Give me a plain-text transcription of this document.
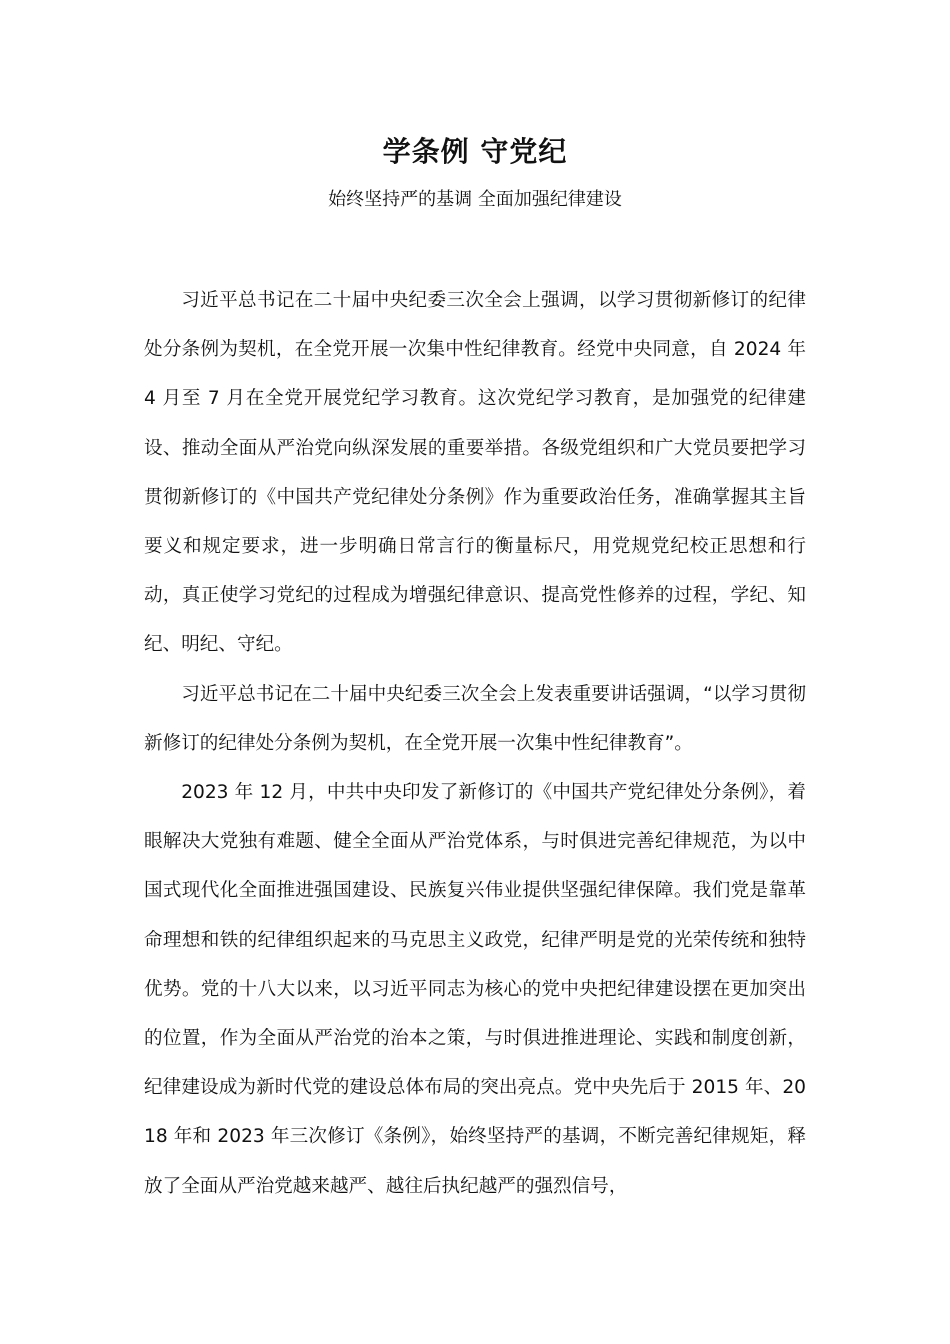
学条例 守党纪
始终坚持严的基调 全面加强纪律建设

习近平总书记在二十届中央纪委三次全会上强调，以学习贯彻新修订的纪律处分条例为契机，在全党开展一次集中性纪律教育。经党中央同意，自 2024 年 4 月至 7 月在全党开展党纪学习教育。这次党纪学习教育，是加强党的纪律建设、推动全面从严治党向纵深发展的重要举措。各级党组织和广大党员要把学习贯彻新修订的《中国共产党纪律处分条例》作为重要政治任务，准确掌握其主旨要义和规定要求，进一步明确日常言行的衡量标尺，用党规党纪校正思想和行动，真正使学习党纪的过程成为增强纪律意识、提高党性修养的过程，学纪、知纪、明纪、守纪。

习近平总书记在二十届中央纪委三次全会上发表重要讲话强调，“以学习贯彻新修订的纪律处分条例为契机，在全党开展一次集中性纪律教育”。

2023 年 12 月，中共中央印发了新修订的《中国共产党纪律处分条例》，着眼解决大党独有难题、健全全面从严治党体系，与时俱进完善纪律规范，为以中国式现代化全面推进强国建设、民族复兴伟业提供坚强纪律保障。我们党是靠革命理想和铁的纪律组织起来的马克思主义政党，纪律严明是党的光荣传统和独特优势。党的十八大以来，以习近平同志为核心的党中央把纪律建设摆在更加突出的位置，作为全面从严治党的治本之策，与时俱进推进理论、实践和制度创新，纪律建设成为新时代党的建设总体布局的突出亮点。党中央先后于 2015 年、2018 年和 2023 年三次修订《条例》，始终坚持严的基调，不断完善纪律规矩，释放了全面从严治党越来越严、越往后执纪越严的强烈信号，
